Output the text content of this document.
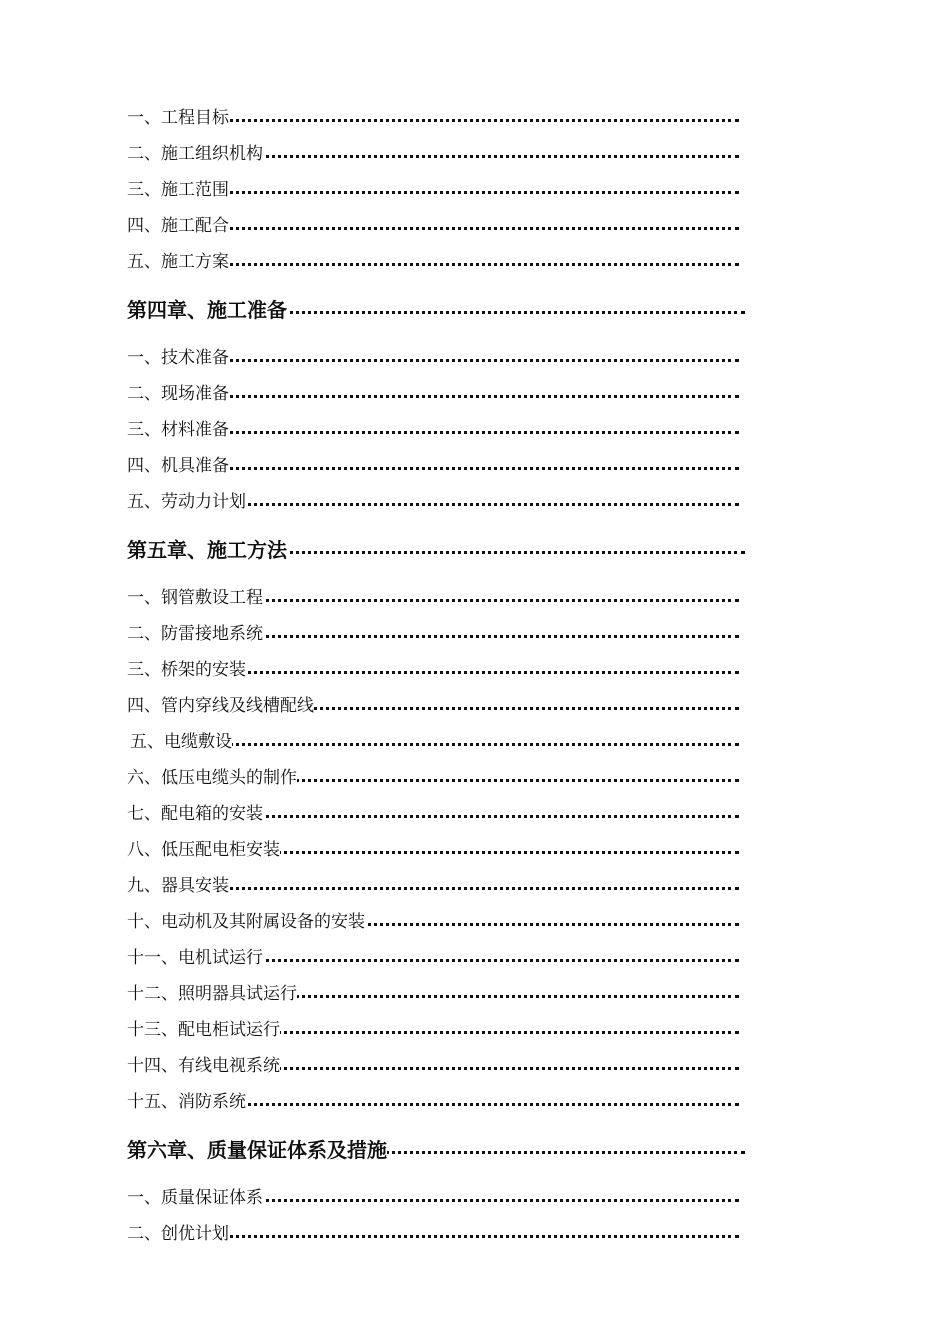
一、工程目标
二、施工组织机构
三、施工范围
四、施工配合
五、施工方案
第四章、施工准备
一、技术准备
二、现场准备
三、材料准备
四、机具准备
五、劳动力计划
第五章、施工方法
一、钢管敷设工程
二、防雷接地系统
三、桥架的安装
四、管内穿线及线槽配线
五、电缆敷设
六、低压电缆头的制作
七、配电箱的安装
八、低压配电柜安装
九、器具安装
十、电动机及其附属设备的安装
十一、电机试运行
十二、照明器具试运行
十三、配电柜试运行
十四、有线电视系统
十五、消防系统
第六章、质量保证体系及措施
一、质量保证体系
二、创优计划
